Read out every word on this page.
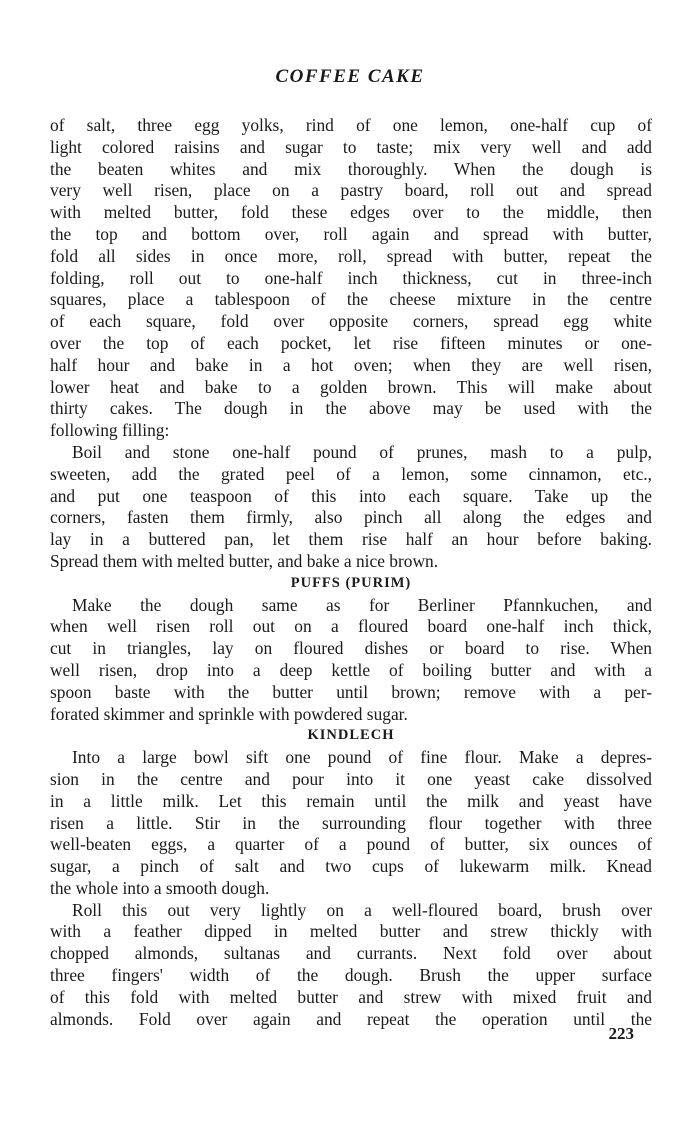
COFFEE CAKE
of salt, three egg yolks, rind of one lemon, one-half cup of
light colored raisins and sugar to taste; mix very well and add
the beaten whites and mix thoroughly. When the dough is
very well risen, place on a pastry board, roll out and spread
with melted butter, fold these edges over to the middle, then
the top and bottom over, roll again and spread with butter,
fold all sides in once more, roll, spread with butter, repeat the
folding, roll out to one-half inch thickness, cut in three-inch
squares, place a tablespoon of the cheese mixture in the centre
of each square, fold over opposite corners, spread egg white
over the top of each pocket, let rise fifteen minutes or one-
half hour and bake in a hot oven; when they are well risen,
lower heat and bake to a golden brown. This will make about
thirty cakes. The dough in the above may be used with the
following filling:
Boil and stone one-half pound of prunes, mash to a pulp,
sweeten, add the grated peel of a lemon, some cinnamon, etc.,
and put one teaspoon of this into each square. Take up the
corners, fasten them firmly, also pinch all along the edges and
lay in a buttered pan, let them rise half an hour before baking.
Spread them with melted butter, and bake a nice brown.
PUFFS (PURIM)
Make the dough same as for Berliner Pfannkuchen, and
when well risen roll out on a floured board one-half inch thick,
cut in triangles, lay on floured dishes or board to rise. When
well risen, drop into a deep kettle of boiling butter and with a
spoon baste with the butter until brown; remove with a per-
forated skimmer and sprinkle with powdered sugar.
KINDLECH
Into a large bowl sift one pound of fine flour. Make a depres-
sion in the centre and pour into it one yeast cake dissolved
in a little milk. Let this remain until the milk and yeast have
risen a little. Stir in the surrounding flour together with three
well-beaten eggs, a quarter of a pound of butter, six ounces of
sugar, a pinch of salt and two cups of lukewarm milk. Knead
the whole into a smooth dough.
Roll this out very lightly on a well-floured board, brush over
with a feather dipped in melted butter and strew thickly with
chopped almonds, sultanas and currants. Next fold over about
three fingers' width of the dough. Brush the upper surface
of this fold with melted butter and strew with mixed fruit and
almonds. Fold over again and repeat the operation until the
223
